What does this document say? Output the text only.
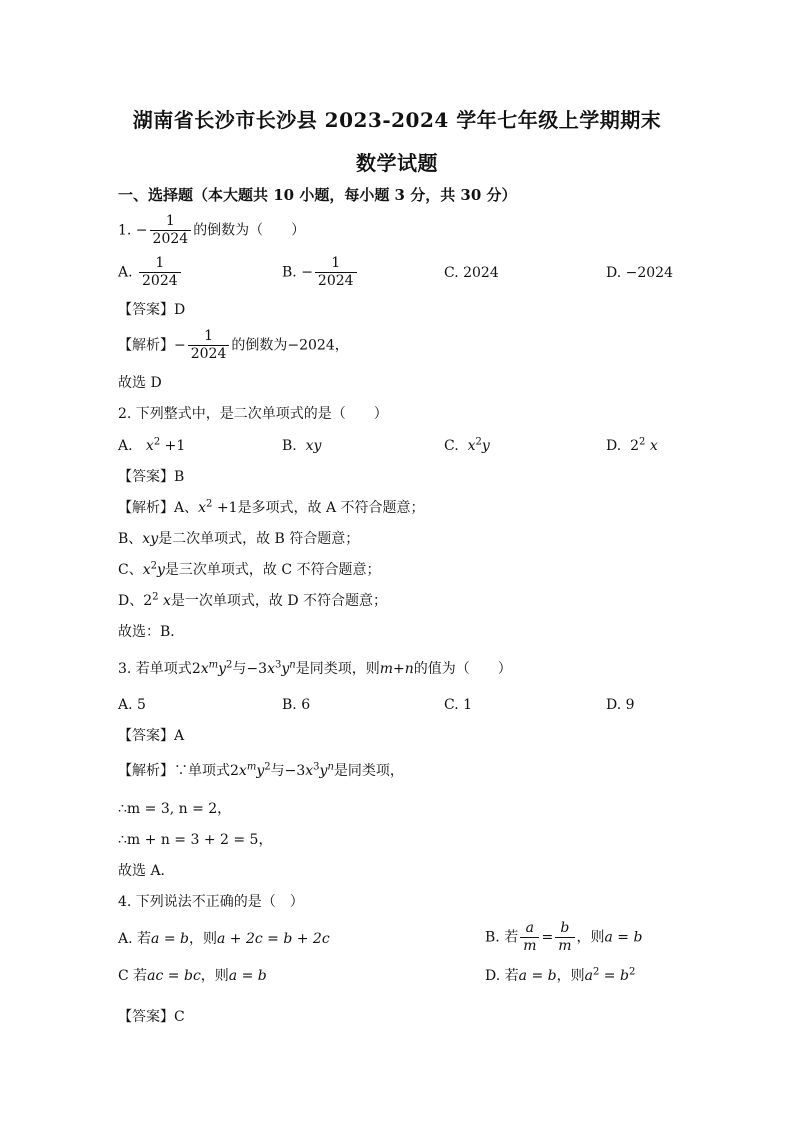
湖南省长沙市长沙县 2023-2024 学年七年级上学期期末
数学试题
一、选择题（本大题共 10 小题，每小题 3 分，共 30 分）
1. − $\frac{1}{2024}$ 的倒数为（　　）
A. $\frac{1}{2024}$	B. − $\frac{1}{2024}$	C. 2024	D. −2024
【答案】D
【解析】− $\frac{1}{2024}$ 的倒数为−2024，
故选 D
2. 下列整式中，是二次单项式的是（　　）
A. $x^2 +1$	B. xy	C. $x^2y$	D. $2^2$ x
【答案】B
【解析】A、$x^2 +1$是多项式，故 A 不符合题意；
B、xy是二次单项式，故 B 符合题意；
C、$x^2y$是三次单项式，故 C 不符合题意；
D、$2^2$ x是一次单项式，故 D 不符合题意；
故选：B．
3. 若单项式$2x^my^2$与$-3x^3y^n$是同类项，则m+n的值为（　　）
A. 5	B. 6	C. 1	D. 9
【答案】A
【解析】∵单项式$2x^my^2$与$-3x^3y^n$是同类项，
∴m = 3, n = 2，
∴m + n = 3 + 2 = 5，
故选 A．
4. 下列说法不正确的是（　）
A. 若a = b，则a + 2c = b + 2c	B. 若 $\frac{a}{m} = \frac{b}{m}$ ，则a = b
C 若ac = bc，则a = b	D. 若a = b，则$a^2 = b^2$
【答案】C
